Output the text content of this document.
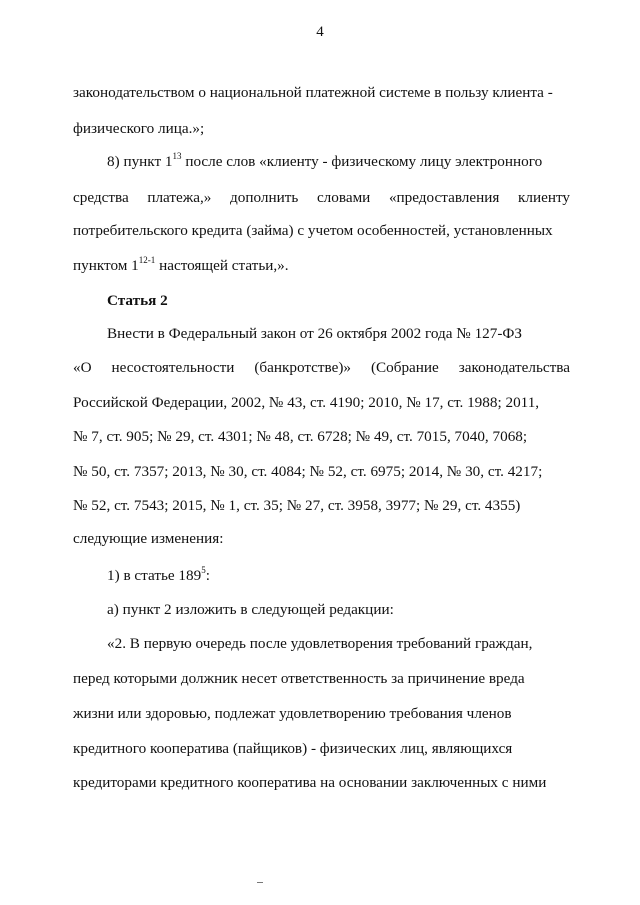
4
законодательством о национальной платежной системе в пользу клиента -
физического лица.»;
8) пункт $1^{13}$ после слов «клиенту - физическому лицу электронного
средства платежа,» дополнить словами «предоставления клиенту
потребительского кредита (займа) с учетом особенностей, установленных
пунктом 1$^{12-1}$ настоящей статьи,».
Статья 2
Внести в Федеральный закон от 26 октября 2002 года № 127-ФЗ
«О несостоятельности (банкротстве)» (Собрание законодательства
Российской Федерации, 2002, № 43, ст. 4190; 2010, № 17, ст. 1988; 2011,
№ 7, ст. 905; № 29, ст. 4301; № 48, ст. 6728; № 49, ст. 7015, 7040, 7068;
№ 50, ст. 7357; 2013, № 30, ст. 4084; № 52, ст. 6975; 2014, № 30, ст. 4217;
№ 52, ст. 7543; 2015, № 1, ст. 35; № 27, ст. 3958, 3977; № 29, ст. 4355)
следующие изменения:
1) в статье $189^5$:
а) пункт 2 изложить в следующей редакции:
«2. В первую очередь после удовлетворения требований граждан,
перед которыми должник несет ответственность за причинение вреда
жизни или здоровью, подлежат удовлетворению требования членов
кредитного кооператива (пайщиков) - физических лиц, являющихся
кредиторами кредитного кооператива на основании заключенных с ними
